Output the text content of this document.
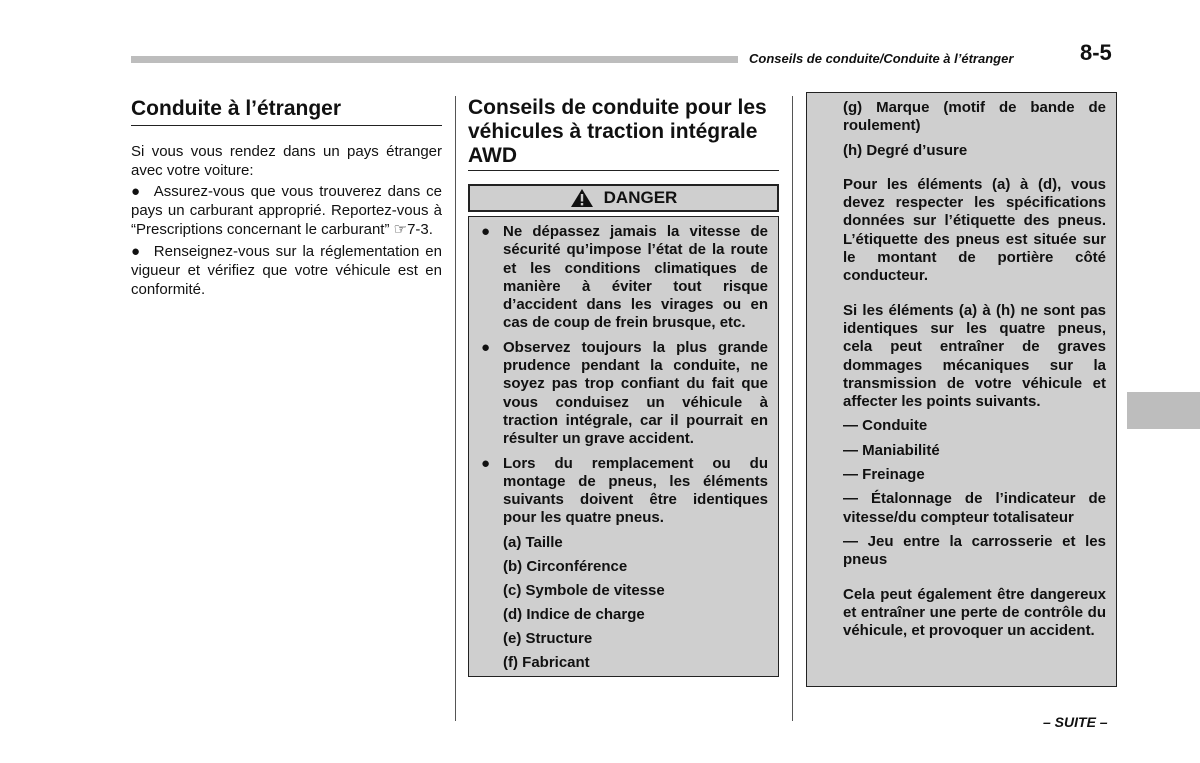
Conseils de conduite/Conduite à l’étranger	8-5
Conduite à l’étranger

Si vous vous rendez dans un pays étranger avec votre voiture:

●  Assurez-vous que vous trouverez dans ce pays un carburant approprié. Reportez-vous à “Prescriptions concernant le carburant” ☞7-3.

●  Renseignez-vous sur la réglementation en vigueur et vérifiez que votre véhicule est en conformité.

Conseils de conduite pour les véhicules à traction intégrale AWD
DANGER
● Ne dépassez jamais la vitesse de sécurité qu’impose l’état de la route et les conditions climatiques de manière à éviter tout risque d’accident dans les virages ou en cas de coup de frein brusque, etc.
● Observez toujours la plus grande prudence pendant la conduite, ne soyez pas trop confiant du fait que vous conduisez un véhicule à traction intégrale, car il pourrait en résulter un grave accident.
● Lors du remplacement ou du montage de pneus, les éléments suivants doivent être identiques pour les quatre pneus.
(a) Taille
(b) Circonférence
(c) Symbole de vitesse
(d) Indice de charge
(e) Structure
(f) Fabricant

(g) Marque (motif de bande de roulement)

(h) Degré d’usure

Pour les éléments (a) à (d), vous devez respecter les spécifications données sur l’étiquette des pneus. L’étiquette des pneus est située sur le montant de portière côté conducteur.

Si les éléments (a) à (h) ne sont pas identiques sur les quatre pneus, cela peut entraîner de graves dommages mécaniques sur la transmission de votre véhicule et affecter les points suivants.

— Conduite

— Maniabilité

— Freinage

— Étalonnage de l’indicateur de vitesse/du compteur totalisateur

— Jeu entre la carrosserie et les pneus

Cela peut également être dangereux et entraîner une perte de contrôle du véhicule, et provoquer un accident.

– SUITE –
